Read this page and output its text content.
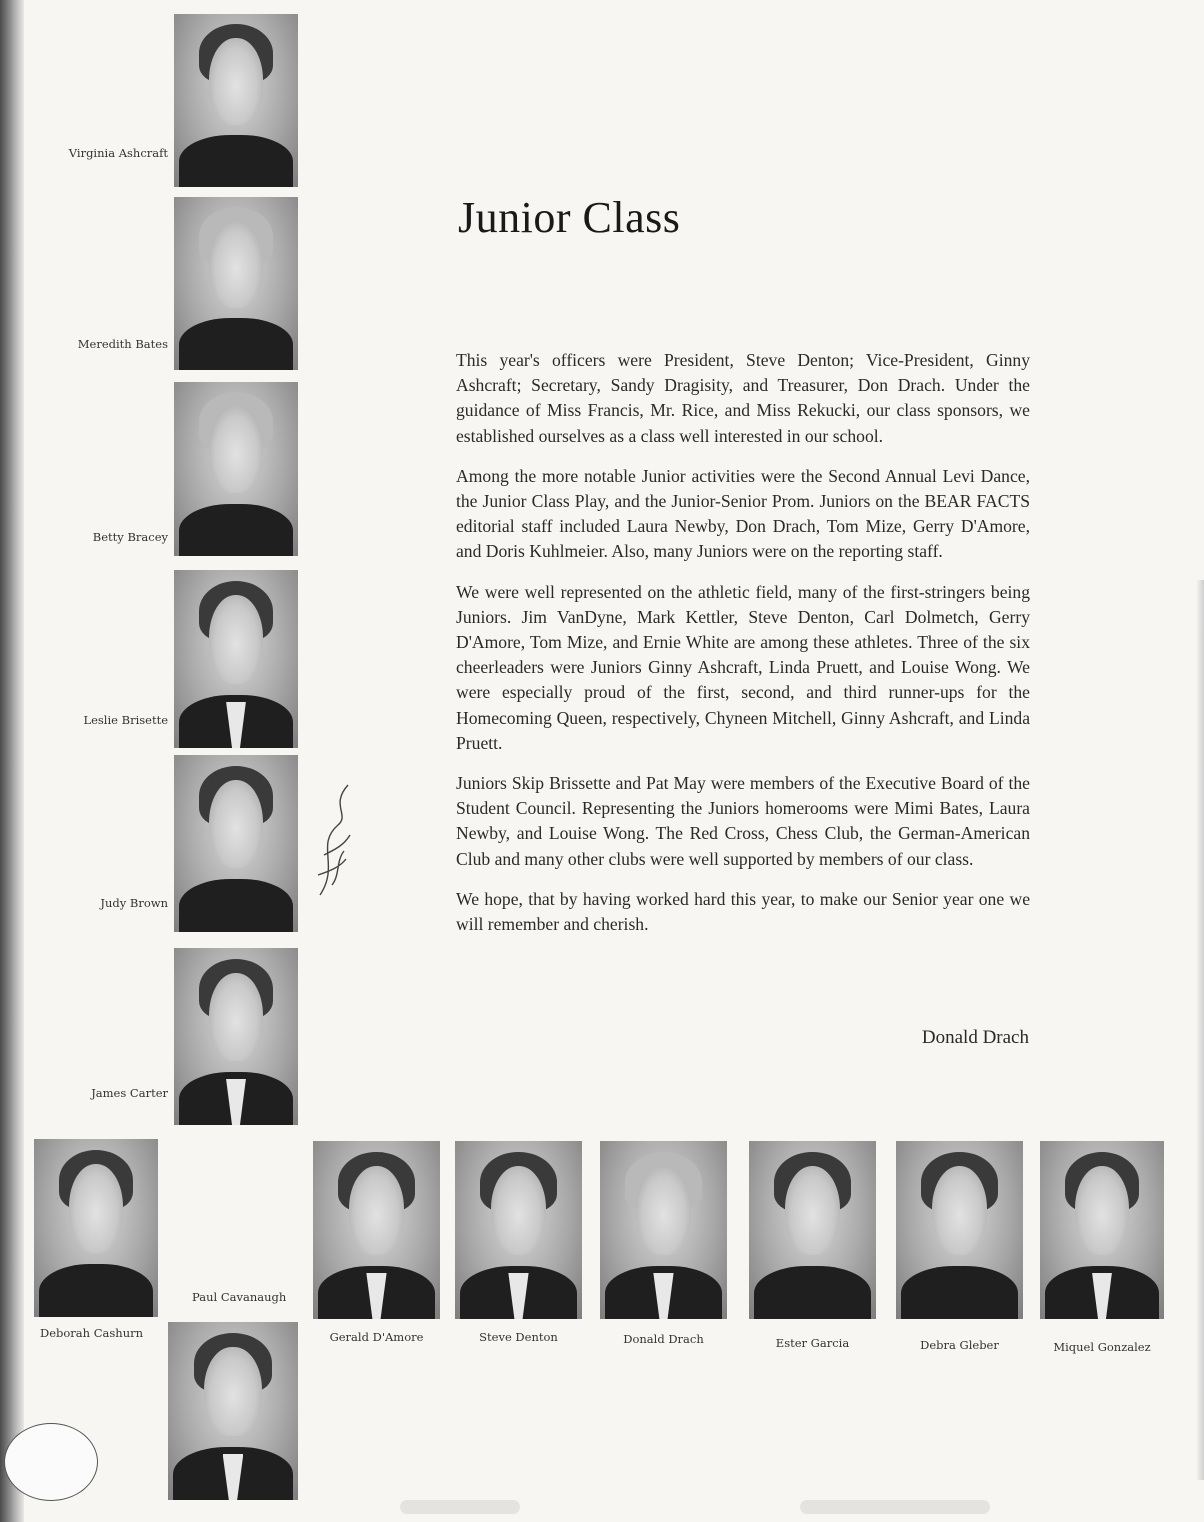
Virginia Ashcraft
Meredith Bates
Betty Bracey
Leslie Brisette
Judy Brown
James Carter
Junior Class

This year's officers were President, Steve Denton; Vice-President, Ginny Ashcraft; Secretary, Sandy Dragisity, and Treasurer, Don Drach. Under the guidance of Miss Francis, Mr. Rice, and Miss Rekucki, our class sponsors, we established ourselves as a class well interested in our school.

Among the more notable Junior activities were the Second Annual Levi Dance, the Junior Class Play, and the Junior-Senior Prom. Juniors on the BEAR FACTS editorial staff included Laura Newby, Don Drach, Tom Mize, Gerry D'Amore, and Doris Kuhlmeier. Also, many Juniors were on the reporting staff.

We were well represented on the athletic field, many of the first-stringers being Juniors. Jim VanDyne, Mark Kettler, Steve Denton, Carl Dolmetch, Gerry D'Amore, Tom Mize, and Ernie White are among these athletes. Three of the six cheerleaders were Juniors Ginny Ashcraft, Linda Pruett, and Louise Wong. We were especially proud of the first, second, and third runner-ups for the Homecoming Queen, respectively, Chyneen Mitchell, Ginny Ashcraft, and Linda Pruett.

Juniors Skip Brissette and Pat May were members of the Executive Board of the Student Council. Representing the Juniors homerooms were Mimi Bates, Laura Newby, and Louise Wong. The Red Cross, Chess Club, the German-American Club and many other clubs were well supported by members of our class.

We hope, that by having worked hard this year, to make our Senior year one we will remember and cherish.

Donald Drach
Deborah Cashurn
Paul Cavanaugh
Gerald D'Amore	Steve Denton	Donald Drach	Ester Garcia	Debra Gleber	Miquel Gonzalez
